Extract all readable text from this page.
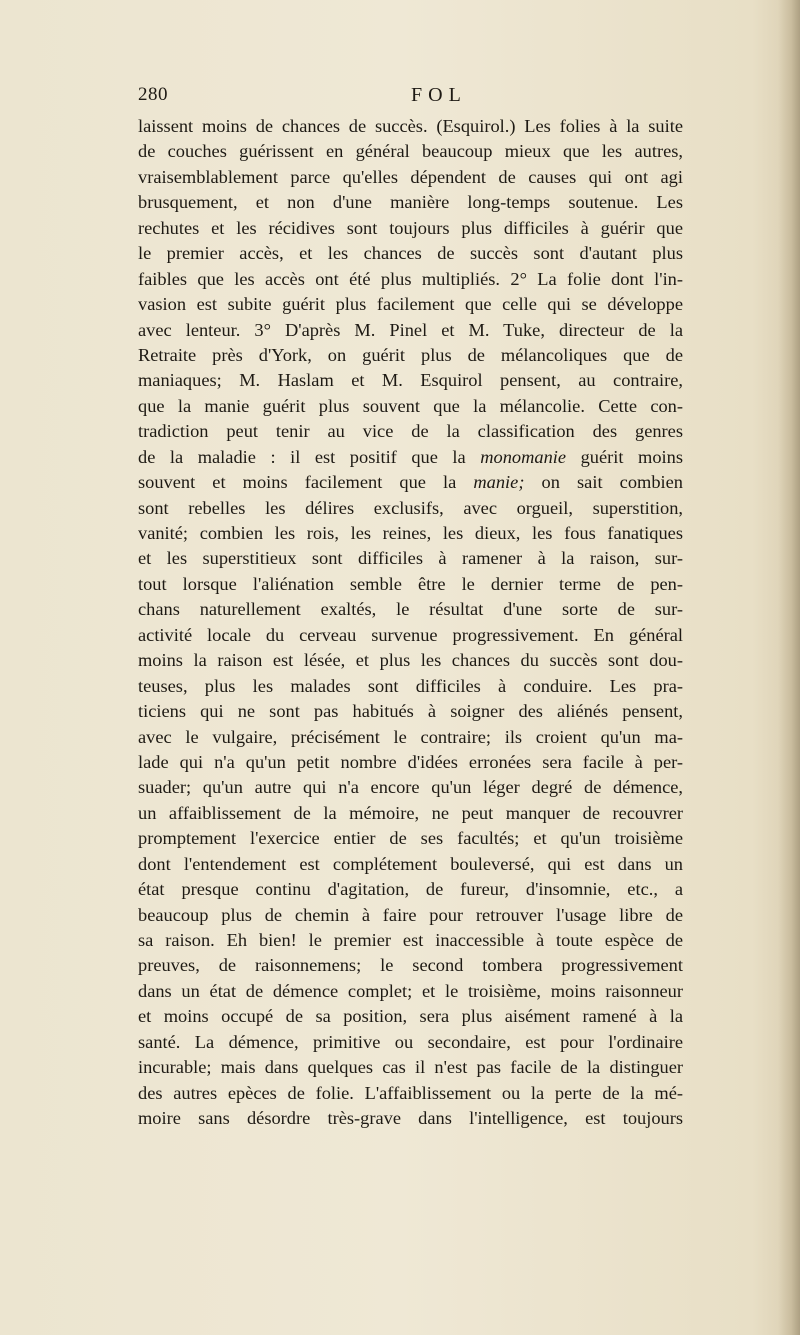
280	FOL
laissent moins de chances de succès. (Esquirol.) Les folies à la suite
de couches guérissent en général beaucoup mieux que les autres,
vraisemblablement parce qu'elles dépendent de causes qui ont agi
brusquement, et non d'une manière long-temps soutenue. Les
rechutes et les récidives sont toujours plus difficiles à guérir que
le premier accès, et les chances de succès sont d'autant plus
faibles que les accès ont été plus multipliés. 2° La folie dont l'in-
vasion est subite guérit plus facilement que celle qui se développe
avec lenteur. 3° D'après M. Pinel et M. Tuke, directeur de la
Retraite près d'York, on guérit plus de mélancoliques que de
maniaques; M. Haslam et M. Esquirol pensent, au contraire,
que la manie guérit plus souvent que la mélancolie. Cette con-
tradiction peut tenir au vice de la classification des genres
de la maladie : il est positif que la monomanie guérit moins
souvent et moins facilement que la manie; on sait combien
sont rebelles les délires exclusifs, avec orgueil, superstition,
vanité; combien les rois, les reines, les dieux, les fous fanatiques
et les superstitieux sont difficiles à ramener à la raison, sur-
tout lorsque l'aliénation semble être le dernier terme de pen-
chans naturellement exaltés, le résultat d'une sorte de sur-
activité locale du cerveau survenue progressivement. En général
moins la raison est lésée, et plus les chances du succès sont dou-
teuses, plus les malades sont difficiles à conduire. Les pra-
ticiens qui ne sont pas habitués à soigner des aliénés pensent,
avec le vulgaire, précisément le contraire; ils croient qu'un ma-
lade qui n'a qu'un petit nombre d'idées erronées sera facile à per-
suader; qu'un autre qui n'a encore qu'un léger degré de démence,
un affaiblissement de la mémoire, ne peut manquer de recouvrer
promptement l'exercice entier de ses facultés; et qu'un troisième
dont l'entendement est complétement bouleversé, qui est dans un
état presque continu d'agitation, de fureur, d'insomnie, etc., a
beaucoup plus de chemin à faire pour retrouver l'usage libre de
sa raison. Eh bien! le premier est inaccessible à toute espèce de
preuves, de raisonnemens; le second tombera progressivement
dans un état de démence complet; et le troisième, moins raisonneur
et moins occupé de sa position, sera plus aisément ramené à la
santé. La démence, primitive ou secondaire, est pour l'ordinaire
incurable; mais dans quelques cas il n'est pas facile de la distinguer
des autres epèces de folie. L'affaiblissement ou la perte de la mé-
moire sans désordre très-grave dans l'intelligence, est toujours
